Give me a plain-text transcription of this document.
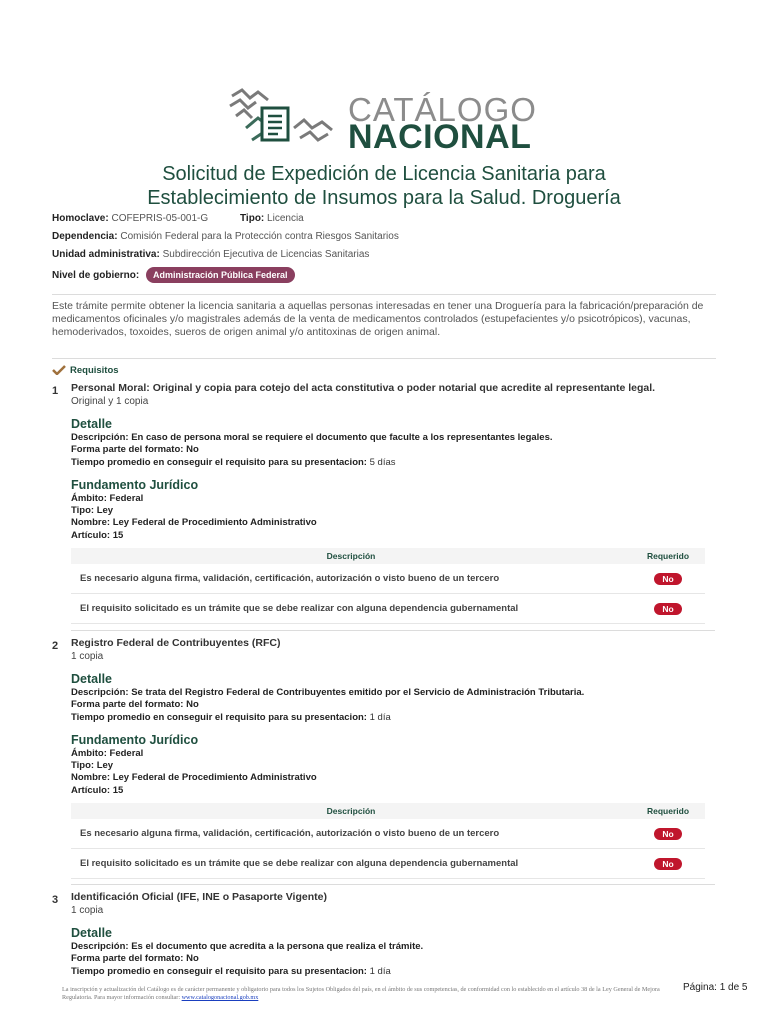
CATÁLOGO
NACIONAL
Solicitud de Expedición de Licencia Sanitaria para
Establecimiento de Insumos para la Salud. Droguería
Homoclave: COFEPRIS-05-001-G	Tipo: Licencia
Dependencia: Comisión Federal para la Protección contra Riesgos Sanitarios
Unidad administrativa: Subdirección Ejecutiva de Licencias Sanitarias
Nivel de gobierno: Administración Pública Federal
Este trámite permite obtener la licencia sanitaria a aquellas personas interesadas en tener una Droguería para la fabricación/preparación de medicamentos oficinales y/o magistrales además de la venta de medicamentos controlados (estupefacientes y/o psicotrópicos), vacunas, hemoderivados, toxoides, sueros de origen animal y/o antitoxinas de origen animal.
Requisitos
1 Personal Moral: Original y copia para cotejo del acta constitutiva o poder notarial que acredite al representante legal.
Original y 1 copia
Detalle
Descripción: En caso de persona moral se requiere el documento que faculte a los representantes legales.
Forma parte del formato: No
Tiempo promedio en conseguir el requisito para su presentacion: 5 días
Fundamento Jurídico
Ámbito: Federal
Tipo: Ley
Nombre: Ley Federal de Procedimiento Administrativo
Artículo: 15
Descripción	Requerido
Es necesario alguna firma, validación, certificación, autorización o visto bueno de un tercero	No
El requisito solicitado es un trámite que se debe realizar con alguna dependencia gubernamental	No
2 Registro Federal de Contribuyentes (RFC)
1 copia
Detalle
Descripción: Se trata del Registro Federal de Contribuyentes emitido por el Servicio de Administración Tributaria.
Forma parte del formato: No
Tiempo promedio en conseguir el requisito para su presentacion: 1 día
Fundamento Jurídico
Ámbito: Federal
Tipo: Ley
Nombre: Ley Federal de Procedimiento Administrativo
Artículo: 15
Descripción	Requerido
Es necesario alguna firma, validación, certificación, autorización o visto bueno de un tercero	No
El requisito solicitado es un trámite que se debe realizar con alguna dependencia gubernamental	No
3 Identificación Oficial (IFE, INE o Pasaporte Vigente)
1 copia
Detalle
Descripción: Es el documento que acredita a la persona que realiza el trámite.
Forma parte del formato: No
Tiempo promedio en conseguir el requisito para su presentacion: 1 día
La inscripción y actualización del Catálogo es de carácter permanente y obligatorio para todos los Sujetos Obligados del país, en el ámbito de sus competencias, de conformidad con lo establecido en el artículo 38 de la Ley General de Mejora Regulatoria. Para mayor información consultar: www.catalogonacional.gob.mx
Página: 1 de 5
